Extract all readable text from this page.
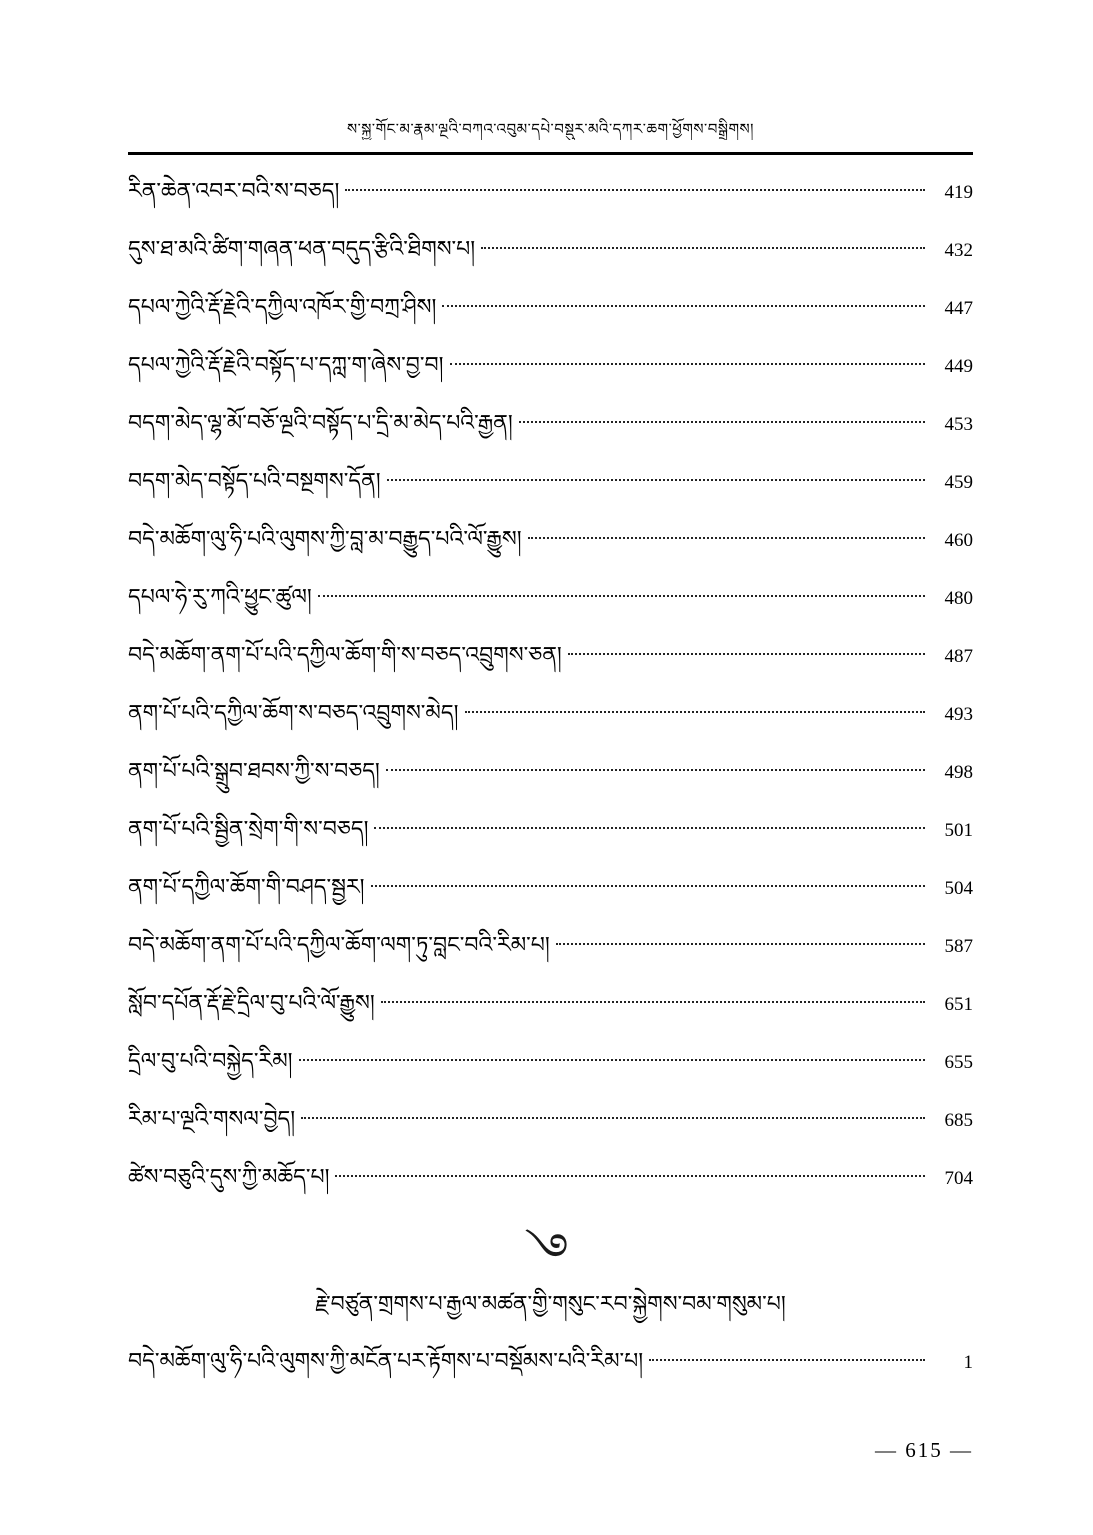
ས་སྐྱ་གོང་མ་རྣམ་ལྔའི་བཀའ་འབུམ་དཔེ་བསྡུར་མའི་དཀར་ཆག་ཕྱོགས་བསྒྲིགས།
རིན་ཆེན་འབར་བའི་ས་བཅད།	419
དུས་ཐ་མའི་ཚིག་གཞན་ཕན་བདུད་རྩིའི་ཐིགས་པ།	432
དཔལ་ཀྱེའི་རྡོ་རྗེའི་དཀྱིལ་འཁོར་གྱི་བཀྲ་ཤིས།	447
དཔལ་ཀྱེའི་རྡོ་རྗེའི་བསྟོད་པ་དཀླ་ག་ཞེས་བྱ་བ།	449
བདག་མེད་ལྷ་མོ་བཅོ་ལྔའི་བསྟོད་པ་དྲི་མ་མེད་པའི་རྒྱན།	453
བདག་མེད་བསྟོད་པའི་བསྔགས་དོན།	459
བདེ་མཆོག་ལུ་ཧི་པའི་ལུགས་ཀྱི་བླ་མ་བརྒྱུད་པའི་ལོ་རྒྱུས།	460
དཔལ་ཧེ་རུ་ཀའི་ཕྱུང་ཚུལ།	480
བདེ་མཆོག་ནག་པོ་པའི་དཀྱིལ་ཆོག་གི་ས་བཅད་འབྲུགས་ཅན།	487
ནག་པོ་པའི་དཀྱིལ་ཆོག་ས་བཅད་འབྲུགས་མེད།	493
ནག་པོ་པའི་སྒྲུབ་ཐབས་ཀྱི་ས་བཅད།	498
ནག་པོ་པའི་སྦྱིན་སྲེག་གི་ས་བཅད།	501
ནག་པོ་དཀྱིལ་ཆོག་གི་བཤད་སྦྱར།	504
བདེ་མཆོག་ནག་པོ་པའི་དཀྱིལ་ཆོག་ལག་ཏུ་བླང་བའི་རིམ་པ།	587
སློབ་དཔོན་རྡོ་རྗེ་དྲིལ་བུ་པའི་ལོ་རྒྱུས།	651
དྲིལ་བུ་པའི་བསྐྱེད་རིམ།	655
རིམ་པ་ལྔའི་གསལ་བྱེད།	685
ཚེས་བཅུའི་དུས་ཀྱི་མཆོད་པ།	704
࿓
རྗེ་བཙུན་གྲགས་པ་རྒྱལ་མཚན་གྱི་གསུང་རབ་སྐྱེགས་བམ་གསུམ་པ།
བདེ་མཆོག་ལུ་ཧི་པའི་ལུགས་ཀྱི་མངོན་པར་རྟོགས་པ་བསྡོམས་པའི་རིམ་པ།	1
— 615 —
